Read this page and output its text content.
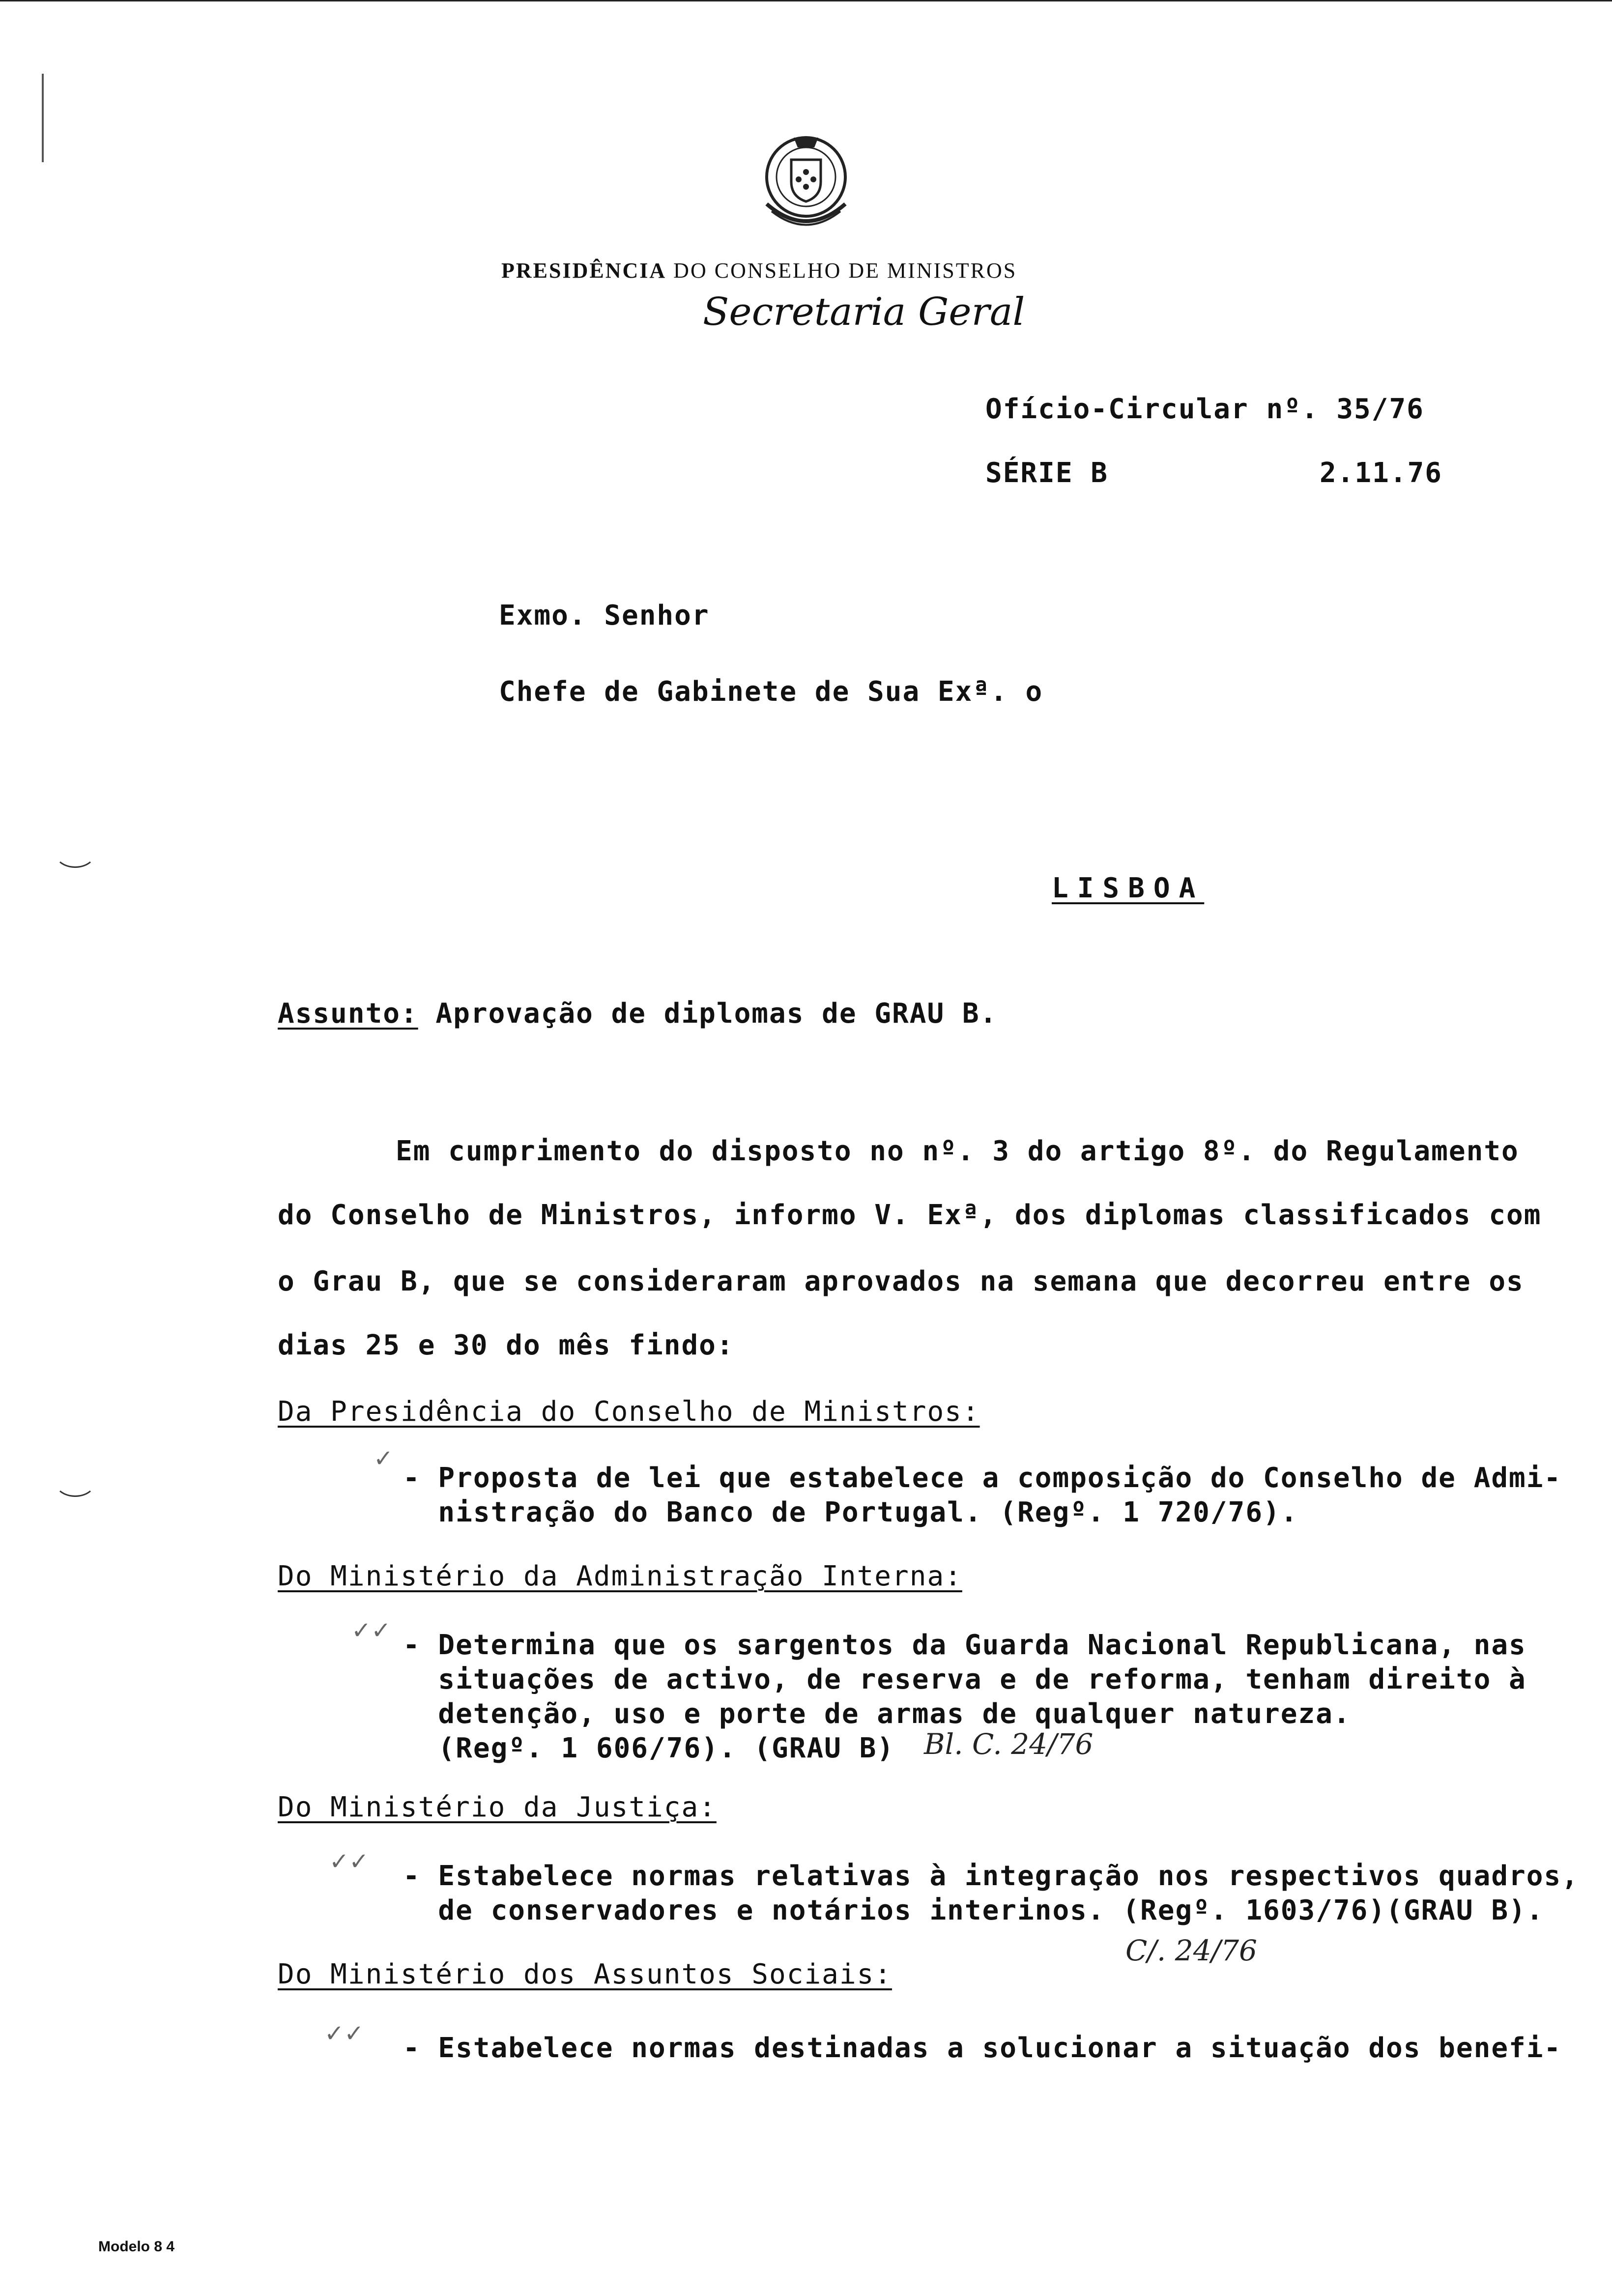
PRESIDÊNCIA DO CONSELHO DE MINISTROS
Secretaria Geral
Ofício-Circular nº. 35/76
SÉRIE B	2.11.76
Exmo. Senhor
Chefe de Gabinete de Sua Exª. o
LISBOA
Assunto: Aprovação de diplomas de GRAU B.
Em cumprimento do disposto no nº. 3 do artigo 8º. do Regulamento
do Conselho de Ministros, informo V. Exª, dos diplomas classificados com
o Grau B, que se consideraram aprovados na semana que decorreu entre os
dias 25 e 30 do mês findo:
Da Presidência do Conselho de Ministros:
✓
- Proposta de lei que estabelece a composição do Conselho de Admi-
nistração do Banco de Portugal. (Regº. 1 720/76).
Do Ministério da Administração Interna:
✓✓ - Determina que os sargentos da Guarda Nacional Republicana, nas
situações de activo, de reserva e de reforma, tenham direito à
detenção, uso e porte de armas de qualquer natureza.
(Regº. 1 606/76). (GRAU B) Bl. C. 24/76
Do Ministério da Justiça:
✓✓ - Estabelece normas relativas à integração nos respectivos quadros,
de conservadores e notários interinos. (Regº. 1603/76)(GRAU B).
C/. 24/76
Do Ministério dos Assuntos Sociais:
✓✓ - Estabelece normas destinadas a solucionar a situação dos benefi-
Modelo 8 4
